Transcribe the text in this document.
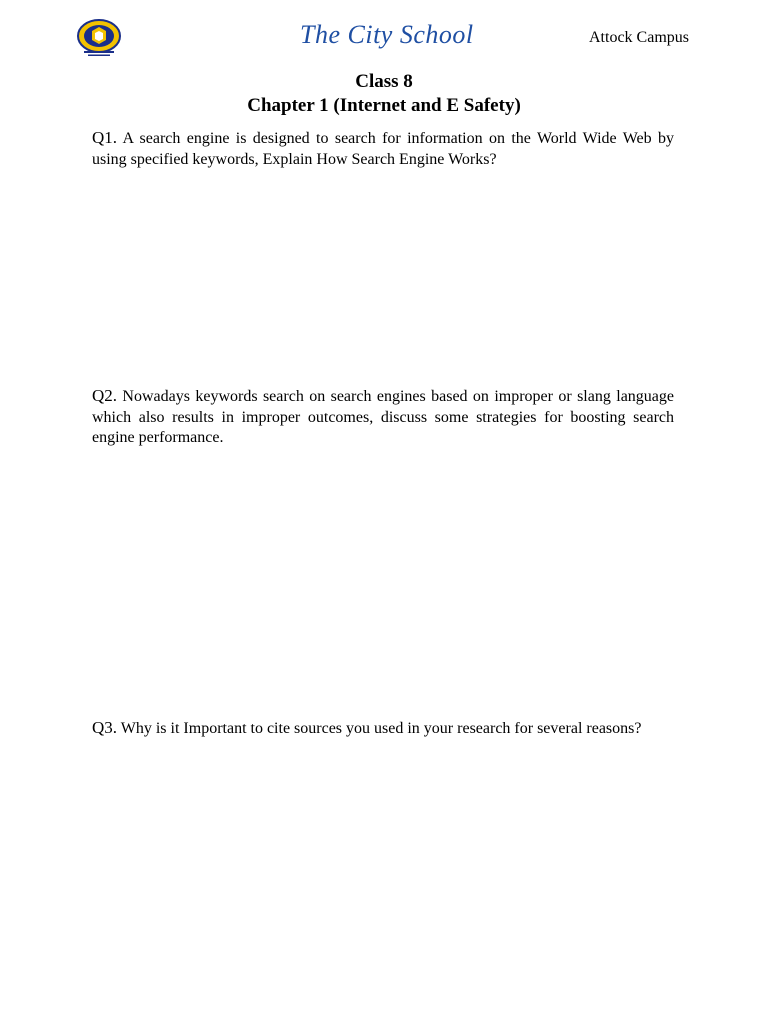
The City School	Attock Campus
Class 8
Chapter 1 (Internet and E Safety)
Q1. A search engine is designed to search for information on the World Wide Web by using specified keywords, Explain How Search Engine Works?
Q2. Nowadays keywords search on search engines based on improper or slang language which also results in improper outcomes, discuss some strategies for boosting search engine performance.
Q3. Why is it Important to cite sources you used in your research for several reasons?
